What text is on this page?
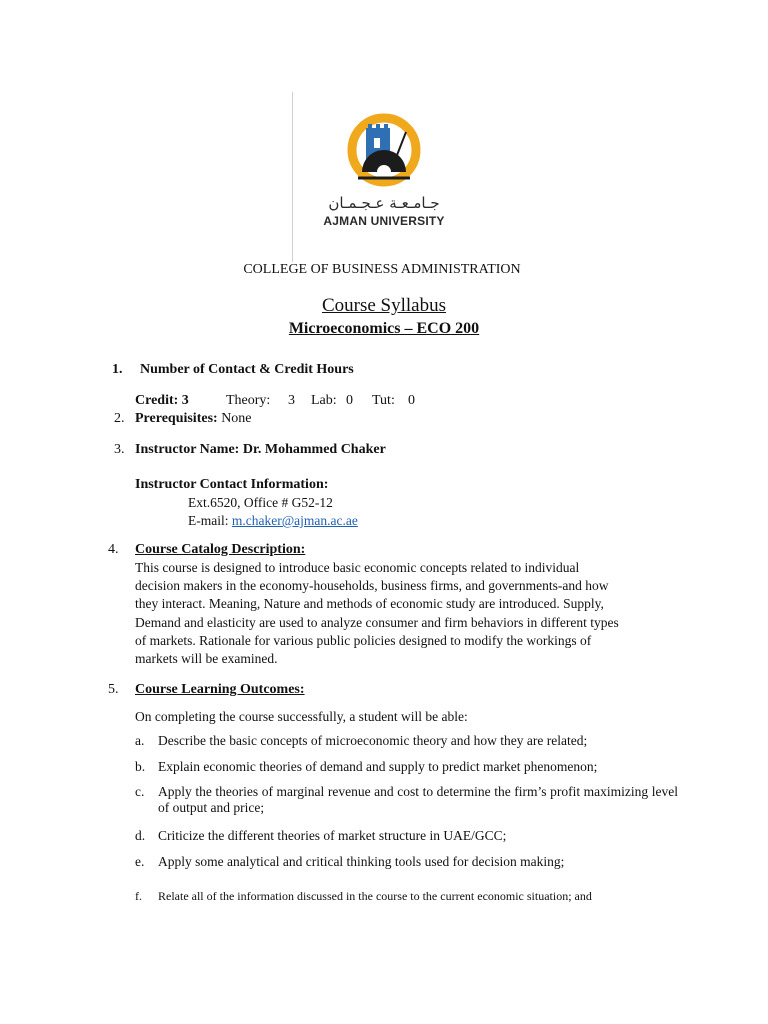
جـامـعـة عـجـمـان
AJMAN UNIVERSITY
COLLEGE OF BUSINESS ADMINISTRATION
Course Syllabus
Microeconomics – ECO 200
1. Number of Contact & Credit Hours
Credit: 3	Theory: 3 Lab: 0 Tut: 0
2. Prerequisites: None
3. Instructor Name: Dr. Mohammed Chaker
Instructor Contact Information:
Ext.6520, Office # G52-12
E-mail: m.chaker@ajman.ac.ae
4. Course Catalog Description:
This course is designed to introduce basic economic concepts related to individual
decision makers in the economy-households, business firms, and governments-and how
they interact. Meaning, Nature and methods of economic study are introduced. Supply,
Demand and elasticity are used to analyze consumer and firm behaviors in different types
of markets. Rationale for various public policies designed to modify the workings of
markets will be examined.
5. Course Learning Outcomes:
On completing the course successfully, a student will be able:
a. Describe the basic concepts of microeconomic theory and how they are related;
b. Explain economic theories of demand and supply to predict market phenomenon;
c. Apply the theories of marginal revenue and cost to determine the firm’s profit maximizing level of output and price;
d. Criticize the different theories of market structure in UAE/GCC;
e. Apply some analytical and critical thinking tools used for decision making;
f. Relate all of the information discussed in the course to the current economic situation; and
